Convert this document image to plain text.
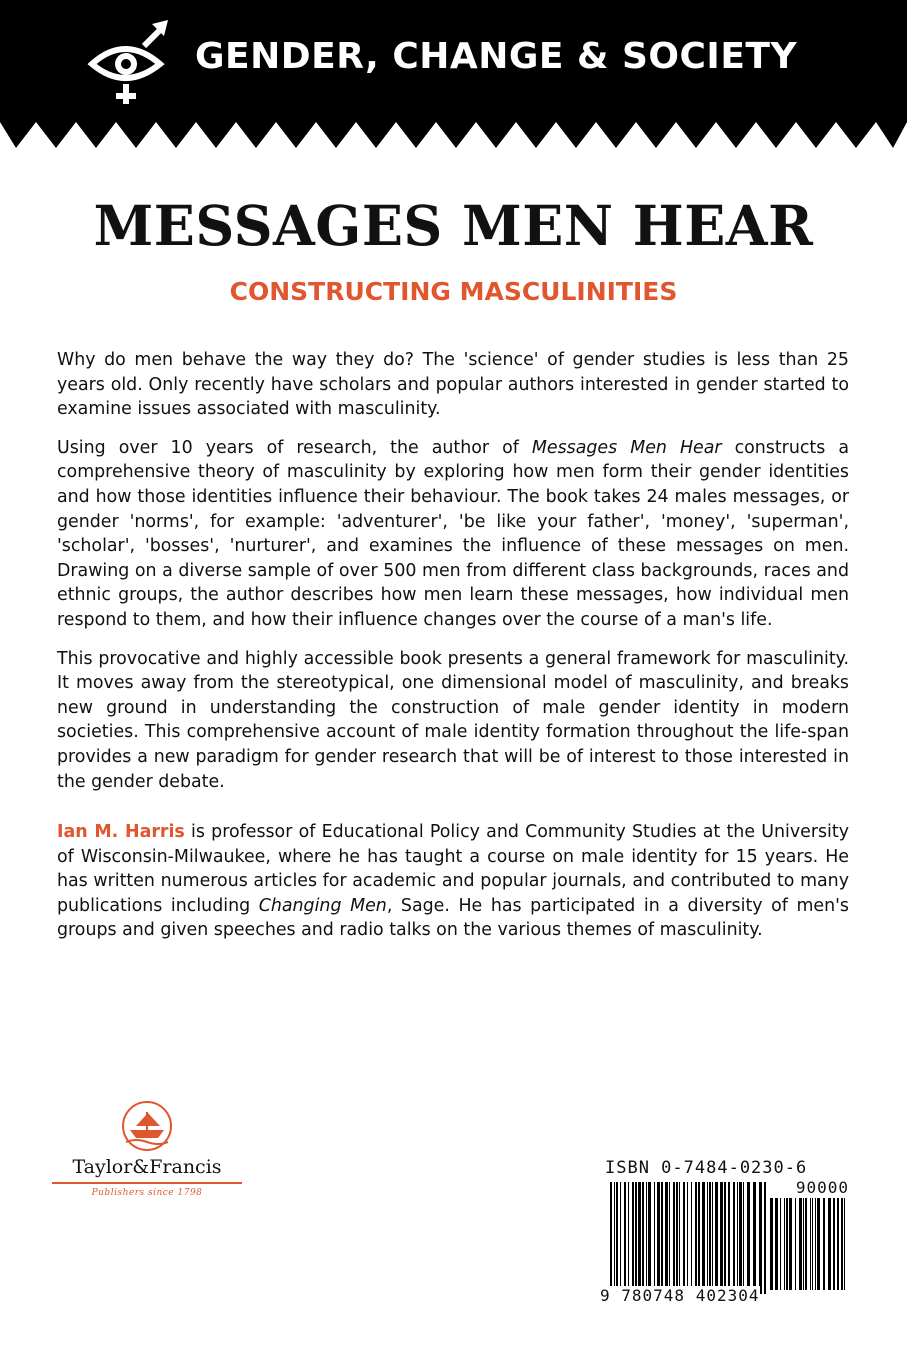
GENDER, CHANGE & SOCIETY
MESSAGES MEN HEAR
CONSTRUCTING MASCULINITIES

Why do men behave the way they do? The 'science' of gender studies is less than 25 years old. Only recently have scholars and popular authors interested in gender started to examine issues associated with masculinity.

Using over 10 years of research, the author of Messages Men Hear constructs a comprehensive theory of masculinity by exploring how men form their gender identities and how those identities influence their behaviour. The book takes 24 males messages, or gender 'norms', for example: 'adventurer', 'be like your father', 'money', 'superman', 'scholar', 'bosses', 'nurturer', and examines the influence of these messages on men. Drawing on a diverse sample of over 500 men from different class backgrounds, races and ethnic groups, the author describes how men learn these messages, how individual men respond to them, and how their influence changes over the course of a man's life.

This provocative and highly accessible book presents a general framework for masculinity. It moves away from the stereotypical, one dimensional model of masculinity, and breaks new ground in understanding the construction of male gender identity in modern societies. This comprehensive account of male identity formation throughout the life-span provides a new paradigm for gender research that will be of interest to those interested in the gender debate.

Ian M. Harris is professor of Educational Policy and Community Studies at the University of Wisconsin-Milwaukee, where he has taught a course on male identity for 15 years. He has written numerous articles for academic and popular journals, and contributed to many publications including Changing Men, Sage. He has participated in a diversity of men's groups and given speeches and radio talks on the various themes of masculinity.

Taylor&Francis
Publishers since 1798
ISBN 0-7484-0230-6
90000
9 780748 402304
